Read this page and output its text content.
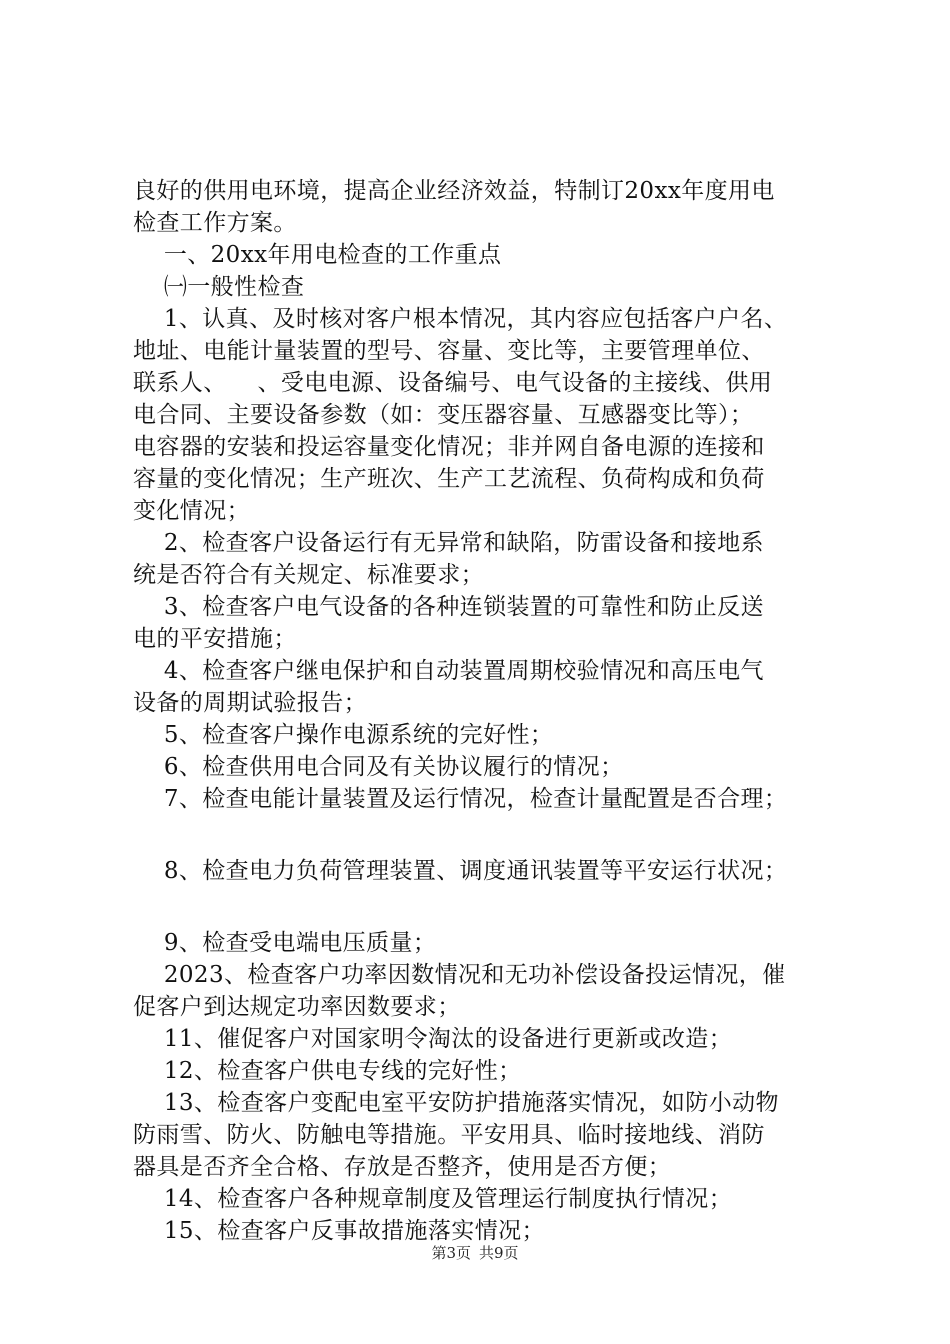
良好的供用电环境，提高企业经济效益，特制订20xx年度用电
检查工作方案。
一、20xx年用电检查的工作重点
㈠一般性检查
1、认真、及时核对客户根本情况，其内容应包括客户户名、
地址、电能计量装置的型号、容量、变比等，主要管理单位、
联系人、    、受电电源、设备编号、电气设备的主接线、供用
电合同、主要设备参数（如：变压器容量、互感器变比等）；
电容器的安装和投运容量变化情况；非并网自备电源的连接和
容量的变化情况；生产班次、生产工艺流程、负荷构成和负荷
变化情况；
2、检查客户设备运行有无异常和缺陷，防雷设备和接地系
统是否符合有关规定、标准要求；
3、检查客户电气设备的各种连锁装置的可靠性和防止反送
电的平安措施；
4、检查客户继电保护和自动装置周期校验情况和高压电气
设备的周期试验报告；
5、检查客户操作电源系统的完好性；
6、检查供用电合同及有关协议履行的情况；
7、检查电能计量装置及运行情况，检查计量配置是否合理；
8、检查电力负荷管理装置、调度通讯装置等平安运行状况；
9、检查受电端电压质量；
2023、检查客户功率因数情况和无功补偿设备投运情况，催
促客户到达规定功率因数要求；
11、催促客户对国家明令淘汰的设备进行更新或改造；
12、检查客户供电专线的完好性；
13、检查客户变配电室平安防护措施落实情况，如防小动物
防雨雪、防火、防触电等措施。平安用具、临时接地线、消防
器具是否齐全合格、存放是否整齐，使用是否方便；
14、检查客户各种规章制度及管理运行制度执行情况；
15、检查客户反事故措施落实情况；
第3页 共9页
